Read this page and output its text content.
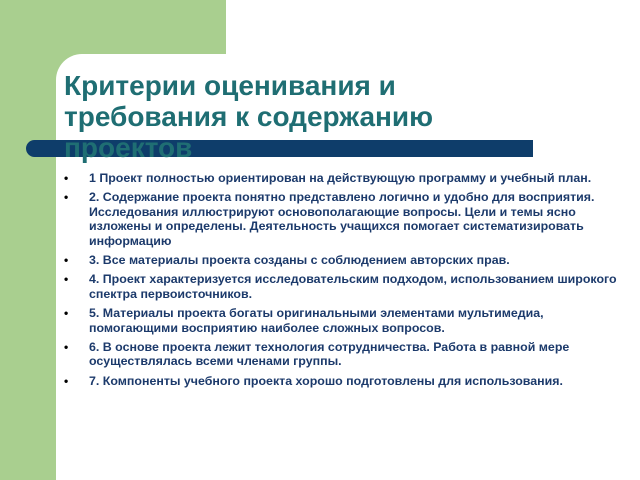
Критерии оценивания и
требования к содержанию
проектов
• 1 Проект полностью ориентирован на действующую программу и учебный план.
• 2. Содержание проекта понятно представлено логично и удобно для восприятия. Исследования иллюстрируют основополагающие вопросы. Цели и темы ясно изложены и определены. Деятельность учащихся помогает систематизировать информацию
• 3. Все материалы проекта созданы с соблюдением авторских прав.
• 4. Проект характеризуется исследовательским подходом, использованием широкого спектра первоисточников.
• 5. Материалы проекта богаты оригинальными элементами мультимедиа, помогающими восприятию наиболее сложных вопросов.
• 6. В основе проекта лежит технология сотрудничества. Работа в равной мере осуществлялась всеми членами группы.
• 7. Компоненты учебного проекта хорошо подготовлены для использования.
